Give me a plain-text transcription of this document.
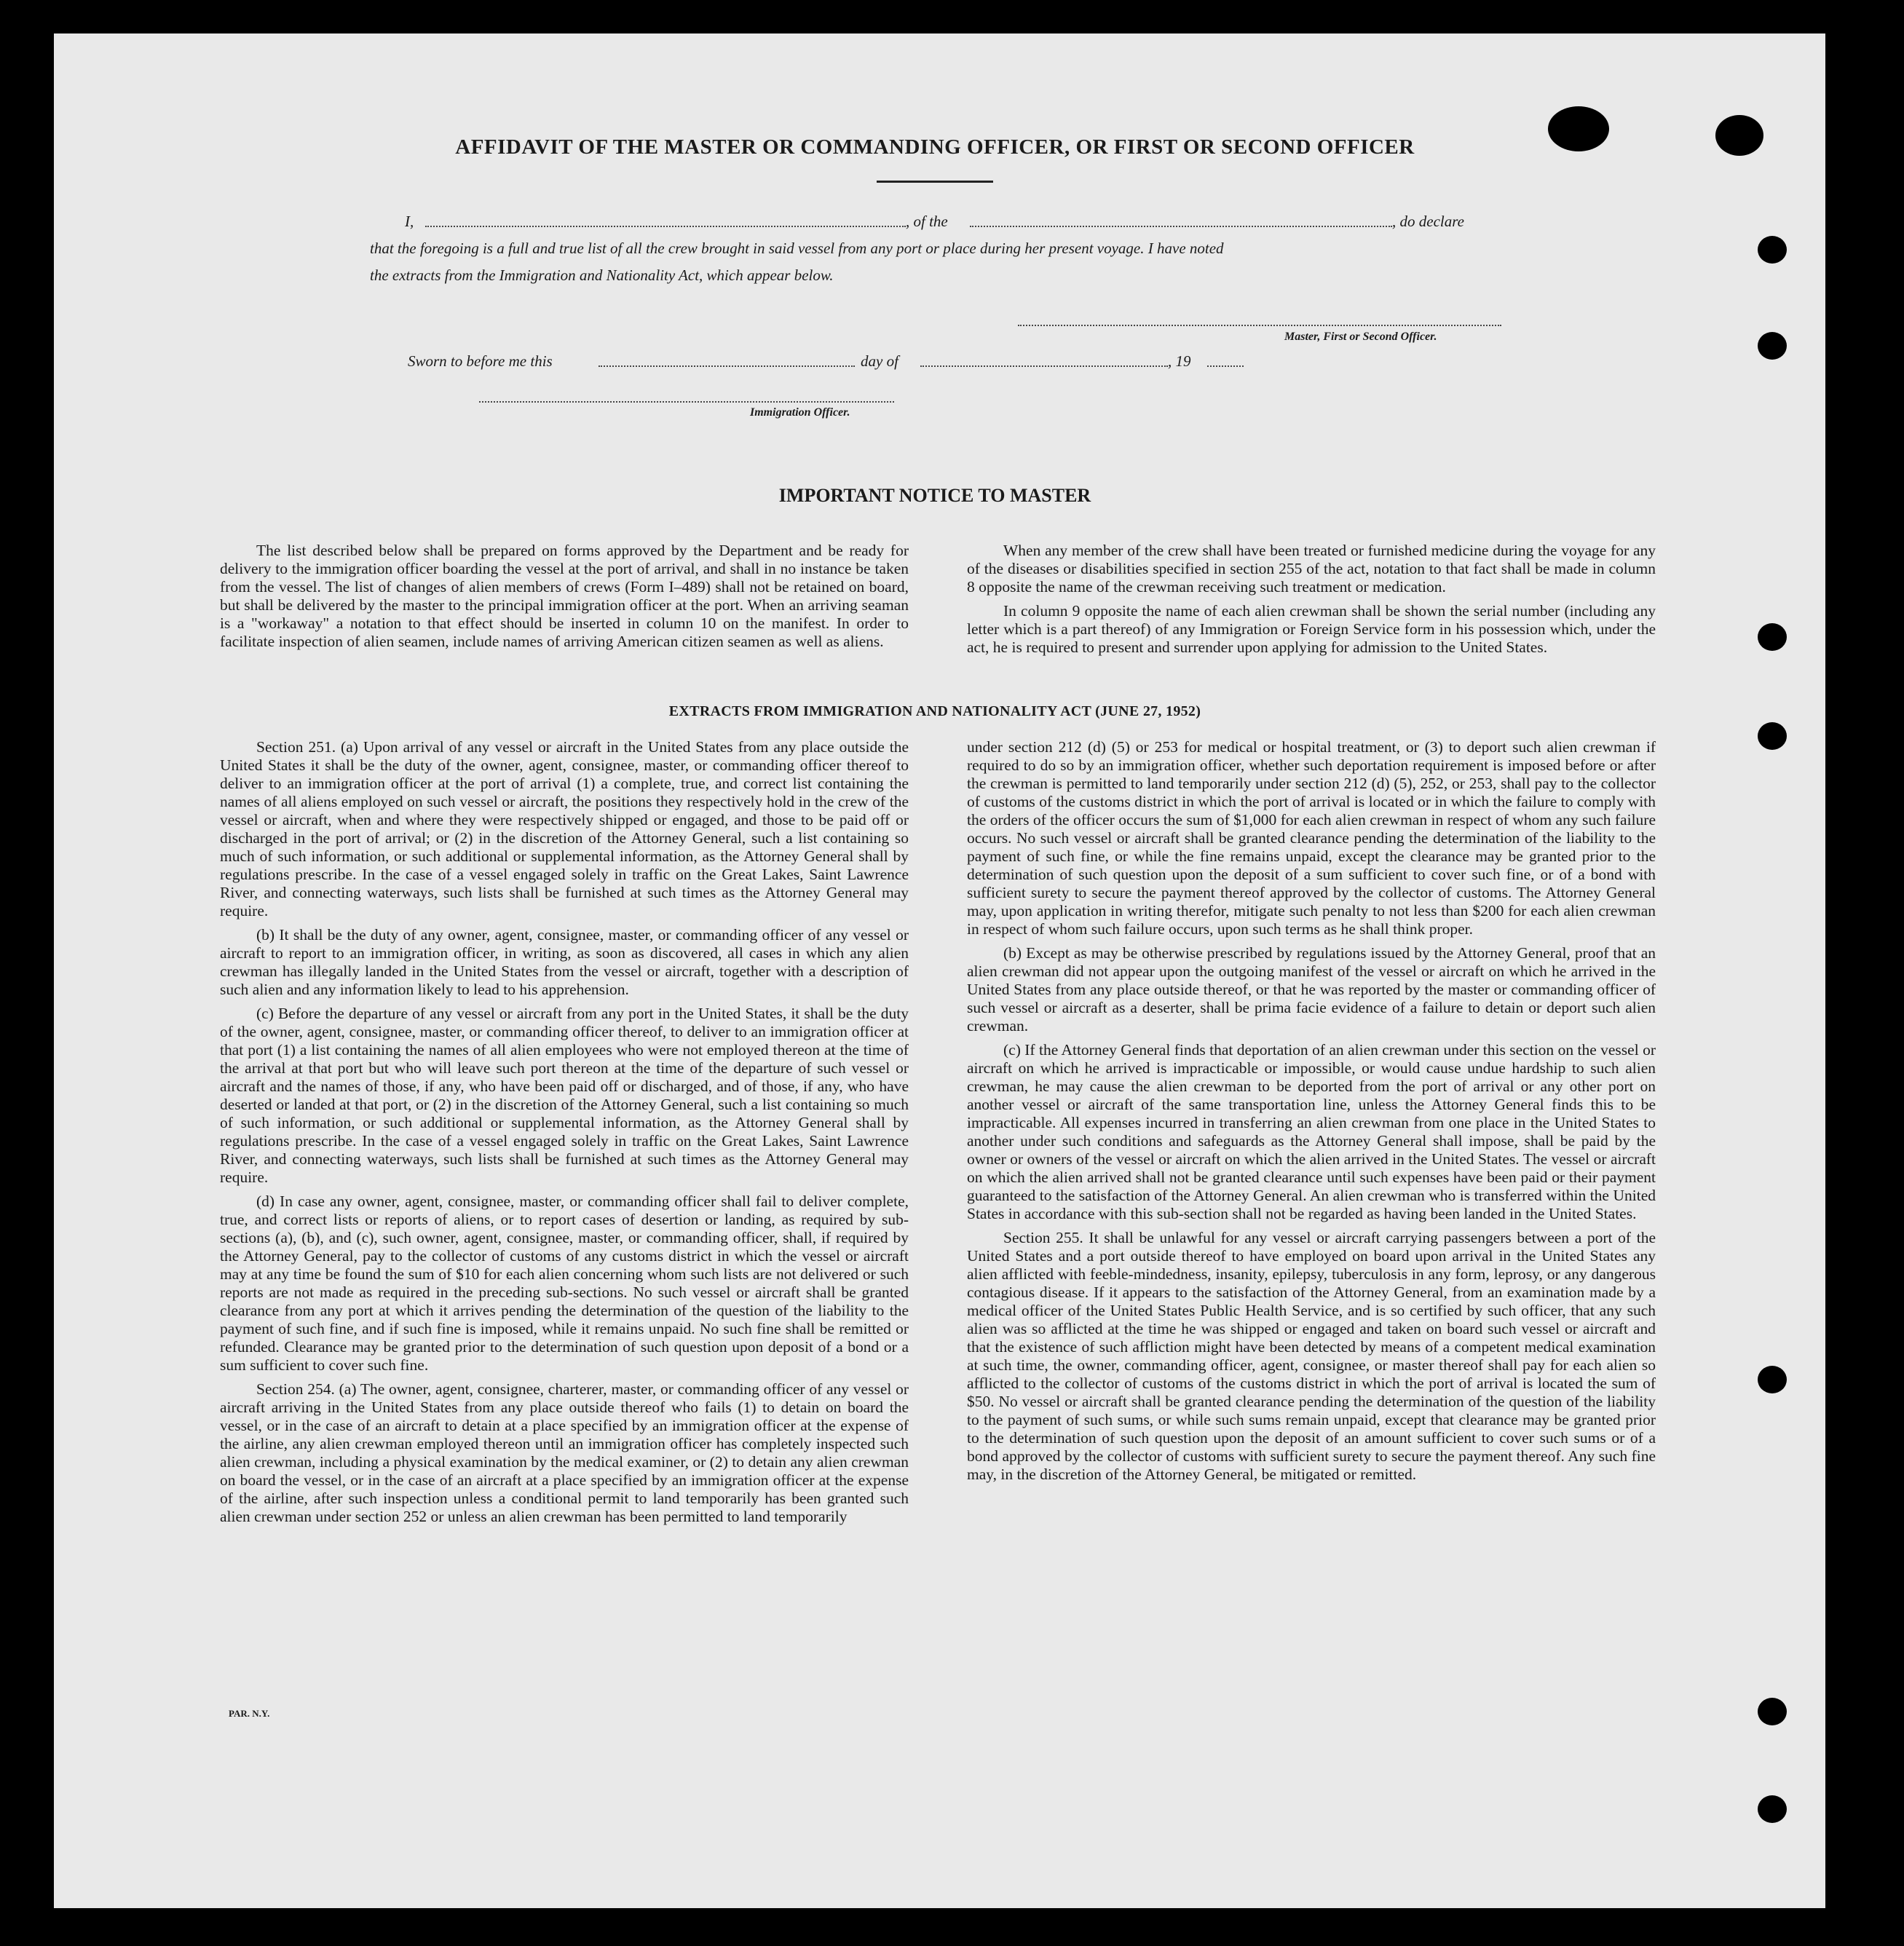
AFFIDAVIT OF THE MASTER OR COMMANDING OFFICER, OR FIRST OR SECOND OFFICER
I,	, of the	, do declare
that the foregoing is a full and true list of all the crew brought in said vessel from any port or place during her present voyage. I have noted
the extracts from the Immigration and Nationality Act, which appear below.
Master, First or Second Officer.
Sworn to before me this	day of	, 19
Immigration Officer.
IMPORTANT NOTICE TO MASTER

The list described below shall be prepared on forms approved by the Department and be ready for delivery to the immigration officer boarding the vessel at the port of arrival, and shall in no instance be taken from the vessel. The list of changes of alien members of crews (Form I–489) shall not be retained on board, but shall be delivered by the master to the principal immigration officer at the port. When an arriving seaman is a "workaway" a notation to that effect should be inserted in column 10 on the manifest. In order to facilitate inspection of alien seamen, include names of arriving American citizen seamen as well as aliens.

When any member of the crew shall have been treated or furnished medicine during the voyage for any of the diseases or disabilities specified in section 255 of the act, notation to that fact shall be made in column 8 opposite the name of the crewman receiving such treatment or medication.

In column 9 opposite the name of each alien crewman shall be shown the serial number (including any letter which is a part thereof) of any Immigration or Foreign Service form in his possession which, under the act, he is required to present and surrender upon applying for admission to the United States.

EXTRACTS FROM IMMIGRATION AND NATIONALITY ACT (JUNE 27, 1952)

Section 251. (a) Upon arrival of any vessel or aircraft in the United States from any place outside the United States it shall be the duty of the owner, agent, consignee, master, or commanding officer thereof to deliver to an immigration officer at the port of arrival (1) a complete, true, and correct list containing the names of all aliens employed on such vessel or aircraft, the positions they respectively hold in the crew of the vessel or aircraft, when and where they were respectively shipped or engaged, and those to be paid off or discharged in the port of arrival; or (2) in the discretion of the Attorney General, such a list containing so much of such information, or such additional or supplemental information, as the Attorney General shall by regulations prescribe. In the case of a vessel engaged solely in traffic on the Great Lakes, Saint Lawrence River, and connecting waterways, such lists shall be furnished at such times as the Attorney General may require.

(b) It shall be the duty of any owner, agent, consignee, master, or commanding officer of any vessel or aircraft to report to an immigration officer, in writing, as soon as discovered, all cases in which any alien crewman has illegally landed in the United States from the vessel or aircraft, together with a description of such alien and any information likely to lead to his apprehension.

(c) Before the departure of any vessel or aircraft from any port in the United States, it shall be the duty of the owner, agent, consignee, master, or commanding officer thereof, to deliver to an immigration officer at that port (1) a list containing the names of all alien employees who were not employed thereon at the time of the arrival at that port but who will leave such port thereon at the time of the departure of such vessel or aircraft and the names of those, if any, who have been paid off or discharged, and of those, if any, who have deserted or landed at that port, or (2) in the discretion of the Attorney General, such a list containing so much of such information, or such additional or supplemental information, as the Attorney General shall by regulations prescribe. In the case of a vessel engaged solely in traffic on the Great Lakes, Saint Lawrence River, and connecting waterways, such lists shall be furnished at such times as the Attorney General may require.

(d) In case any owner, agent, consignee, master, or commanding officer shall fail to deliver complete, true, and correct lists or reports of aliens, or to report cases of desertion or landing, as required by sub-sections (a), (b), and (c), such owner, agent, consignee, master, or commanding officer, shall, if required by the Attorney General, pay to the collector of customs of any customs district in which the vessel or aircraft may at any time be found the sum of $10 for each alien concerning whom such lists are not delivered or such reports are not made as required in the preceding sub-sections. No such vessel or aircraft shall be granted clearance from any port at which it arrives pending the determination of the question of the liability to the payment of such fine, and if such fine is imposed, while it remains unpaid. No such fine shall be remitted or refunded. Clearance may be granted prior to the determination of such question upon deposit of a bond or a sum sufficient to cover such fine.

Section 254. (a) The owner, agent, consignee, charterer, master, or commanding officer of any vessel or aircraft arriving in the United States from any place outside thereof who fails (1) to detain on board the vessel, or in the case of an aircraft to detain at a place specified by an immigration officer at the expense of the airline, any alien crewman employed thereon until an immigration officer has completely inspected such alien crewman, including a physical examination by the medical examiner, or (2) to detain any alien crewman on board the vessel, or in the case of an aircraft at a place specified by an immigration officer at the expense of the airline, after such inspection unless a conditional permit to land temporarily has been granted such alien crewman under section 252 or unless an alien crewman has been permitted to land temporarily

under section 212 (d) (5) or 253 for medical or hospital treatment, or (3) to deport such alien crewman if required to do so by an immigration officer, whether such deportation requirement is imposed before or after the crewman is permitted to land temporarily under section 212 (d) (5), 252, or 253, shall pay to the collector of customs of the customs district in which the port of arrival is located or in which the failure to comply with the orders of the officer occurs the sum of $1,000 for each alien crewman in respect of whom any such failure occurs. No such vessel or aircraft shall be granted clearance pending the determination of the liability to the payment of such fine, or while the fine remains unpaid, except the clearance may be granted prior to the determination of such question upon the deposit of a sum sufficient to cover such fine, or of a bond with sufficient surety to secure the payment thereof approved by the collector of customs. The Attorney General may, upon application in writing therefor, mitigate such penalty to not less than $200 for each alien crewman in respect of whom such failure occurs, upon such terms as he shall think proper.

(b) Except as may be otherwise prescribed by regulations issued by the Attorney General, proof that an alien crewman did not appear upon the outgoing manifest of the vessel or aircraft on which he arrived in the United States from any place outside thereof, or that he was reported by the master or commanding officer of such vessel or aircraft as a deserter, shall be prima facie evidence of a failure to detain or deport such alien crewman.

(c) If the Attorney General finds that deportation of an alien crewman under this section on the vessel or aircraft on which he arrived is impracticable or impossible, or would cause undue hardship to such alien crewman, he may cause the alien crewman to be deported from the port of arrival or any other port on another vessel or aircraft of the same transportation line, unless the Attorney General finds this to be impracticable. All expenses incurred in transferring an alien crewman from one place in the United States to another under such conditions and safeguards as the Attorney General shall impose, shall be paid by the owner or owners of the vessel or aircraft on which the alien arrived in the United States. The vessel or aircraft on which the alien arrived shall not be granted clearance until such expenses have been paid or their payment guaranteed to the satisfaction of the Attorney General. An alien crewman who is transferred within the United States in accordance with this sub-section shall not be regarded as having been landed in the United States.

Section 255. It shall be unlawful for any vessel or aircraft carrying passengers between a port of the United States and a port outside thereof to have employed on board upon arrival in the United States any alien afflicted with feeble-mindedness, insanity, epilepsy, tuberculosis in any form, leprosy, or any dangerous contagious disease. If it appears to the satisfaction of the Attorney General, from an examination made by a medical officer of the United States Public Health Service, and is so certified by such officer, that any such alien was so afflicted at the time he was shipped or engaged and taken on board such vessel or aircraft and that the existence of such affliction might have been detected by means of a competent medical examination at such time, the owner, commanding officer, agent, consignee, or master thereof shall pay for each alien so afflicted to the collector of customs of the customs district in which the port of arrival is located the sum of $50. No vessel or aircraft shall be granted clearance pending the determination of the question of the liability to the payment of such sums, or while such sums remain unpaid, except that clearance may be granted prior to the determination of such question upon the deposit of an amount sufficient to cover such sums or of a bond approved by the collector of customs with sufficient surety to secure the payment thereof. Any such fine may, in the discretion of the Attorney General, be mitigated or remitted.

PAR. N.Y.
